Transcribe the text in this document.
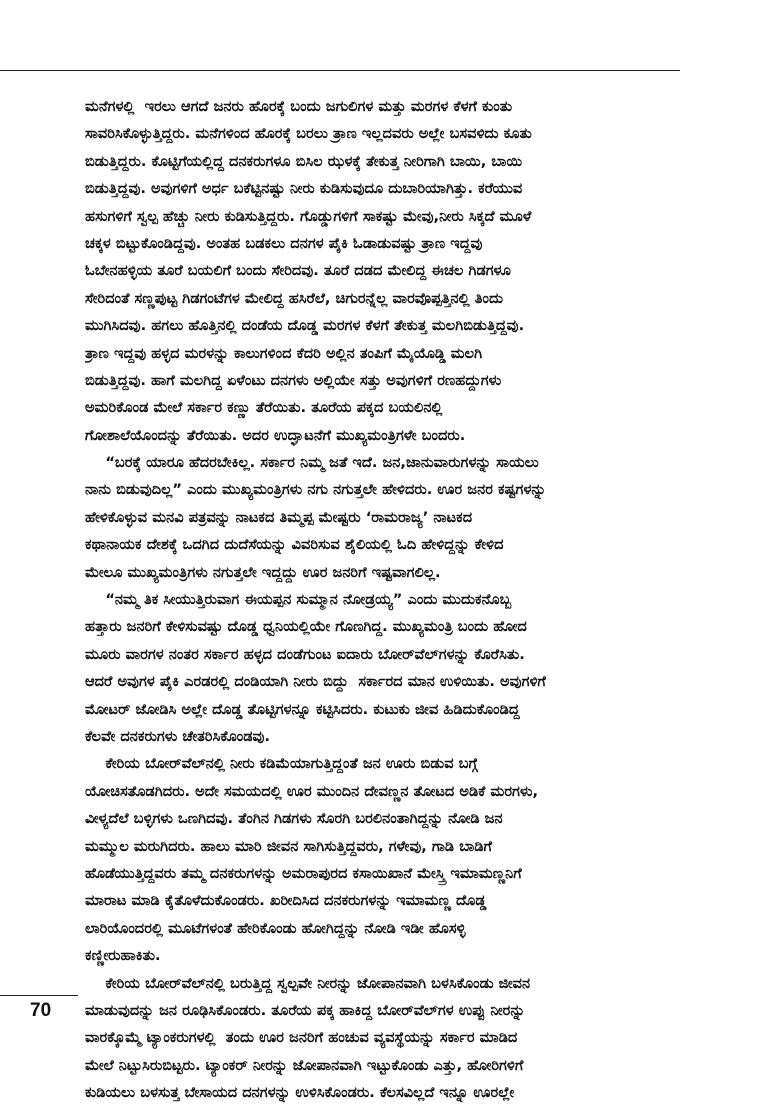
ಮನೆಗಳಲ್ಲಿ  ಇರಲು ಆಗದೆ ಜನರು ಹೊರಕ್ಕೆ ಬಂದು ಜಗುಲಿಗಳ ಮತ್ತು ಮರಗಳ ಕೆಳಗೆ ಕುಂತು
ಸಾವರಿಸಿಕೊಳ್ಳುತ್ತಿದ್ದರು. ಮನೆಗಳಿಂದ ಹೊರಕ್ಕೆ ಬರಲು ತ್ರಾಣ ಇಲ್ಲದವರು ಅಲ್ಲೇ ಬಸವಳಿದು ಕೂತು
ಬಿಡುತ್ತಿದ್ದರು. ಕೊಟ್ಟಿಗೆಯಲ್ಲಿದ್ದ ದನಕರುಗಳೂ ಬಿಸಿಲ ಝಳಕ್ಕೆ ತೇಕುತ್ತ ನೀರಿಗಾಗಿ ಬಾಯಿ, ಬಾಯಿ
ಬಿಡುತ್ತಿದ್ದವು. ಅವುಗಳಿಗೆ ಅರ್ಧ ಬಕೆಟ್ಟಿನಷ್ಟು ನೀರು ಕುಡಿಸುವುದೂ ದುಬಾರಿಯಾಗಿತ್ತು. ಕರೆಯುವ
ಹಸುಗಳಿಗೆ ಸ್ವಲ್ಪ ಹೆಚ್ಚು ನೀರು ಕುಡಿಸುತ್ತಿದ್ದರು. ಗೊಡ್ಡುಗಳಿಗೆ ಸಾಕಷ್ಟು ಮೇವು,ನೀರು ಸಿಕ್ಕದೆ ಮೂಳೆ
ಚಕ್ಕಳ ಬಿಟ್ಟುಕೊಂಡಿದ್ದವು. ಅಂತಹ ಬಡಕಲು ದನಗಳ ಪೈಕಿ ಓಡಾಡುವಷ್ಟು ತ್ರಾಣ ಇದ್ದವು
ಓಬೇನಹಳ್ಳಿಯ ತೂರೆ ಬಯಲಿಗೆ ಬಂದು ಸೇರಿದವು. ತೂರೆ ದಡದ ಮೇಲಿದ್ದ ಈಚಲ ಗಿಡಗಳೂ
ಸೇರಿದಂತೆ ಸಣ್ಣಪುಟ್ಟ ಗಿಡಗಂಟೆಗಳ ಮೇಲಿದ್ದ ಹಸಿರೆಲೆ, ಚಿಗುರನ್ನೆಲ್ಲ ವಾರವೊಪ್ಪತ್ತಿನಲ್ಲಿ ತಿಂದು
ಮುಗಿಸಿದವು. ಹಗಲು ಹೊತ್ತಿನಲ್ಲಿ ದಂಡೆಯ ದೊಡ್ಡ ಮರಗಳ ಕೆಳಗೆ ತೇಕುತ್ತ ಮಲಗಿಬಿಡುತ್ತಿದ್ದವು.
ತ್ರಾಣ ಇದ್ದವು ಹಳ್ಳದ ಮರಳನ್ನು ಕಾಲುಗಳಿಂದ ಕೆದರಿ ಅಲ್ಲಿನ ತಂಪಿಗೆ ಮೈಯೊಡ್ಡಿ ಮಲಗಿ
ಬಿಡುತ್ತಿದ್ದವು. ಹಾಗೆ ಮಲಗಿದ್ದ ಏಳೆಂಟು ದನಗಳು ಅಲ್ಲಿಯೇ ಸತ್ತು ಅವುಗಳಿಗೆ ರಣಹದ್ದುಗಳು
ಅಮರಿಕೊಂಡ ಮೇಲೆ ಸರ್ಕಾರ ಕಣ್ಣು ತೆರೆಯಿತು. ತೂರೆಯ ಪಕ್ಕದ ಬಯಲಿನಲ್ಲಿ
ಗೋಶಾಲೆಯೊಂದನ್ನು ತೆರೆಯಿತು. ಅದರ ಉದ್ಘಾಟನೆಗೆ ಮುಖ್ಯಮಂತ್ರಿಗಳೇ ಬಂದರು.
“ಬರಕ್ಕೆ ಯಾರೂ ಹೆದರಬೇಕಿಲ್ಲ. ಸರ್ಕಾರ ನಿಮ್ಮ ಜತೆ ಇದೆ. ಜನ,ಜಾನುವಾರುಗಳನ್ನು ಸಾಯಲು
ನಾನು ಬಿಡುವುದಿಲ್ಲ” ಎಂದು ಮುಖ್ಯಮಂತ್ರಿಗಳು ನಗು ನಗುತ್ತಲೇ ಹೇಳಿದರು. ಊರ ಜನರ ಕಷ್ಟಗಳನ್ನು
ಹೇಳಿಕೊಳ್ಳುವ ಮನವಿ ಪತ್ರವನ್ನು ನಾಟಕದ ತಿಮ್ಮಪ್ಪ ಮೇಷ್ಟರು ‘ರಾಮರಾಜ್ಯ’ ನಾಟಕದ
ಕಥಾನಾಯಕ ದೇಶಕ್ಕೆ ಒದಗಿದ ದುದೆಸೆಯನ್ನು ವಿವರಿಸುವ ಶೈಲಿಯಲ್ಲಿ ಓದಿ ಹೇಳಿದ್ದನ್ನು ಕೇಳಿದ
ಮೇಲೂ ಮುಖ್ಯಮಂತ್ರಿಗಳು ನಗುತ್ತಲೇ ಇದ್ದದ್ದು ಊರ ಜನರಿಗೆ ಇಷ್ಟವಾಗಲಿಲ್ಲ.
“ನಮ್ಮ ತಿಕ ಸೀಯುತ್ತಿರುವಾಗ ಈಯಪ್ಪನ ಸುಮ್ಮಾನ ನೋಡ್ರಯ್ಯ” ಎಂದು ಮುದುಕನೊಬ್ಬ
ಹತ್ತಾರು ಜನರಿಗೆ ಕೇಳಿಸುವಷ್ಟು ದೊಡ್ಡ ಧ್ವನಿಯಲ್ಲಿಯೇ ಗೊಣಗಿದ್ದ. ಮುಖ್ಯಮಂತ್ರಿ ಬಂದು ಹೋದ
ಮೂರು ವಾರಗಳ ನಂತರ ಸರ್ಕಾರ ಹಳ್ಳದ ದಂಡೆಗುಂಟ ಐದಾರು ಬೋರ್‌ವೆಲ್‌ಗಳನ್ನು ಕೊರೆಸಿತು.
ಆದರೆ ಅವುಗಳ ಪೈಕಿ ಎರಡರಲ್ಲಿ ದಂಡಿಯಾಗಿ ನೀರು ಬಿದ್ದು  ಸರ್ಕಾರದ ಮಾನ ಉಳಿಯಿತು. ಅವುಗಳಿಗೆ
ಮೋಟರ್ ಜೋಡಿಸಿ ಅಲ್ಲೇ ದೊಡ್ಡ ತೊಟ್ಟಿಗಳನ್ನೂ ಕಟ್ಟಿಸಿದರು. ಕುಟುಕು ಜೀವ ಹಿಡಿದುಕೊಂಡಿದ್ದ
ಕೆಲವೇ ದನಕರುಗಳು ಚೇತರಿಸಿಕೊಂಡವು.
ಕೇರಿಯ ಬೋರ್‌ವೆಲ್‌ನಲ್ಲಿ ನೀರು ಕಡಿಮೆಯಾಗುತ್ತಿದ್ದಂತೆ ಜನ ಊರು ಬಿಡುವ ಬಗ್ಗೆ
ಯೋಚಿಸತೊಡಗಿದರು. ಅದೇ ಸಮಯದಲ್ಲಿ ಊರ ಮುಂದಿನ ದೇವಣ್ಣನ ತೋಟದ ಅಡಿಕೆ ಮರಗಳು,
ವೀಳ್ಯದೆಲೆ ಬಳ್ಳಿಗಳು ಒಣಗಿದವು. ತೆಂಗಿನ ಗಿಡಗಳು ಸೊರಗಿ ಬರಲಿನಂತಾಗಿದ್ದನ್ನು ನೋಡಿ ಜನ
ಮಮ್ಮುಲ ಮರುಗಿದರು. ಹಾಲು ಮಾರಿ ಜೀವನ ಸಾಗಿಸುತ್ತಿದ್ದವರು, ಗಳೇವು, ಗಾಡಿ ಬಾಡಿಗೆ
ಹೊಡೆಯುತ್ತಿದ್ದವರು ತಮ್ಮ ದನಕರುಗಳನ್ನು ಅಮರಾಪುರದ ಕಸಾಯಿಖಾನೆ ಮೇಸ್ತ್ರಿ ಇಮಾಮಣ್ಣನಿಗೆ
ಮಾರಾಟ ಮಾಡಿ ಕೈತೊಳೆದುಕೊಂಡರು. ಖರೀದಿಸಿದ ದನಕರುಗಳನ್ನು ಇಮಾಮಣ್ಣ ದೊಡ್ಡ
ಲಾರಿಯೊಂದರಲ್ಲಿ ಮೂಟೆಗಳಂತೆ ಹೇರಿಕೊಂಡು ಹೋಗಿದ್ದನ್ನು ನೋಡಿ ಇಡೀ ಹೊಸಳ್ಳಿ
ಕಣ್ಣೀರುಹಾಕಿತು.
ಕೇರಿಯ ಬೋರ್‌ವೆಲ್‌ನಲ್ಲಿ ಬರುತ್ತಿದ್ದ ಸ್ವಲ್ಪವೇ ನೀರನ್ನು ಜೋಪಾನವಾಗಿ ಬಳಸಿಕೊಂಡು ಜೀವನ
ಮಾಡುವುದನ್ನು ಜನ ರೂಢಿಸಿಕೊಂಡರು. ತೂರೆಯ ಪಕ್ಕ ಹಾಕಿದ್ದ ಬೋರ್‌ವೆಲ್‌ಗಳ ಉಪ್ಪು ನೀರನ್ನು
ವಾರಕ್ಕೊಮ್ಮೆ ಟ್ಯಾಂಕರುಗಳಲ್ಲಿ  ತಂದು ಊರ ಜನರಿಗೆ ಹಂಚುವ ವ್ಯವಸ್ಥೆಯನ್ನು ಸರ್ಕಾರ ಮಾಡಿದ
ಮೇಲೆ ನಿಟ್ಟುಸಿರುಬಿಟ್ಟರು. ಟ್ಯಾಂಕರ್ ನೀರನ್ನು ಜೋಪಾನವಾಗಿ ಇಟ್ಟುಕೊಂಡು ಎತ್ತು, ಹೋರಿಗಳಿಗೆ
ಕುಡಿಯಲು ಬಳಸುತ್ತ ಬೇಸಾಯದ ದನಗಳನ್ನು ಉಳಿಸಿಕೊಂಡರು. ಕೆಲಸವಿಲ್ಲದೆ ಇನ್ನೂ ಊರಲ್ಲೇ
70
